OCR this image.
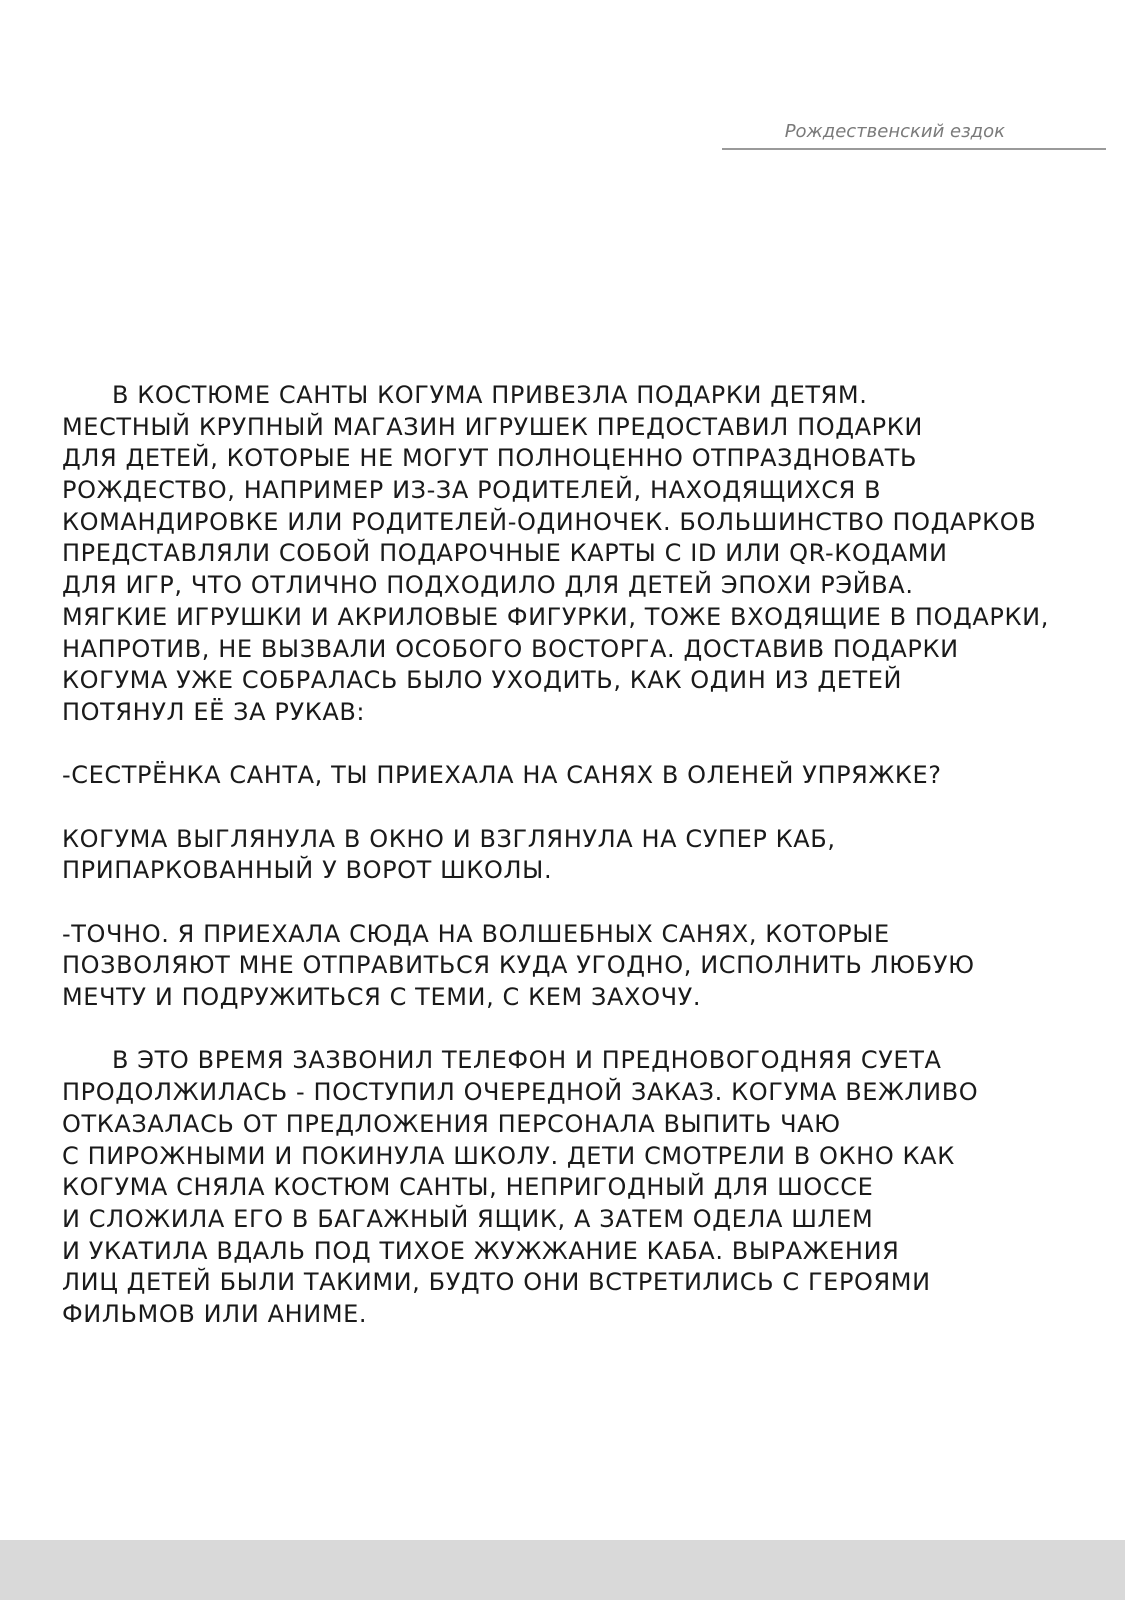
Рождественский ездок
В КОСТЮМЕ САНТЫ КОГУМА ПРИВЕЗЛА ПОДАРКИ ДЕТЯМ.
МЕСТНЫЙ КРУПНЫЙ МАГАЗИН ИГРУШЕК ПРЕДОСТАВИЛ ПОДАРКИ
ДЛЯ ДЕТЕЙ, КОТОРЫЕ НЕ МОГУТ ПОЛНОЦЕННО ОТПРАЗДНОВАТЬ
РОЖДЕСТВО, НАПРИМЕР ИЗ-ЗА РОДИТЕЛЕЙ, НАХОДЯЩИХСЯ В
КОМАНДИРОВКЕ ИЛИ РОДИТЕЛЕЙ-ОДИНОЧЕК. БОЛЬШИНСТВО ПОДАРКОВ
ПРЕДСТАВЛЯЛИ СОБОЙ ПОДАРОЧНЫЕ КАРТЫ С ID ИЛИ QR-КОДАМИ
ДЛЯ ИГР, ЧТО ОТЛИЧНО ПОДХОДИЛО ДЛЯ ДЕТЕЙ ЭПОХИ РЭЙВА.
МЯГКИЕ ИГРУШКИ И АКРИЛОВЫЕ ФИГУРКИ, ТОЖЕ ВХОДЯЩИЕ В ПОДАРКИ,
НАПРОТИВ, НЕ ВЫЗВАЛИ ОСОБОГО ВОСТОРГА. ДОСТАВИВ ПОДАРКИ
КОГУМА УЖЕ СОБРАЛАСЬ БЫЛО УХОДИТЬ, КАК ОДИН ИЗ ДЕТЕЙ
ПОТЯНУЛ ЕЁ ЗА РУКАВ:
-СЕСТРЁНКА САНТА, ТЫ ПРИЕХАЛА НА САНЯХ В ОЛЕНЕЙ УПРЯЖКЕ?
КОГУМА ВЫГЛЯНУЛА В ОКНО И ВЗГЛЯНУЛА НА СУПЕР КАБ,
ПРИПАРКОВАННЫЙ У ВОРОТ ШКОЛЫ.
-ТОЧНО. Я ПРИЕХАЛА СЮДА НА ВОЛШЕБНЫХ САНЯХ, КОТОРЫЕ
ПОЗВОЛЯЮТ МНЕ ОТПРАВИТЬСЯ КУДА УГОДНО, ИСПОЛНИТЬ ЛЮБУЮ
МЕЧТУ И ПОДРУЖИТЬСЯ С ТЕМИ, С КЕМ ЗАХОЧУ.
В ЭТО ВРЕМЯ ЗАЗВОНИЛ ТЕЛЕФОН И ПРЕДНОВОГОДНЯЯ СУЕТА
ПРОДОЛЖИЛАСЬ - ПОСТУПИЛ ОЧЕРЕДНОЙ ЗАКАЗ. КОГУМА ВЕЖЛИВО
ОТКАЗАЛАСЬ ОТ ПРЕДЛОЖЕНИЯ ПЕРСОНАЛА ВЫПИТЬ ЧАЮ
С ПИРОЖНЫМИ И ПОКИНУЛА ШКОЛУ. ДЕТИ СМОТРЕЛИ В ОКНО КАК
КОГУМА СНЯЛА КОСТЮМ САНТЫ, НЕПРИГОДНЫЙ ДЛЯ ШОССЕ
И СЛОЖИЛА ЕГО В БАГАЖНЫЙ ЯЩИК, А ЗАТЕМ ОДЕЛА ШЛЕМ
И УКАТИЛА ВДАЛЬ ПОД ТИХОЕ ЖУЖЖАНИЕ КАБА. ВЫРАЖЕНИЯ
ЛИЦ ДЕТЕЙ БЫЛИ ТАКИМИ, БУДТО ОНИ ВСТРЕТИЛИСЬ С ГЕРОЯМИ
ФИЛЬМОВ ИЛИ АНИМЕ.
